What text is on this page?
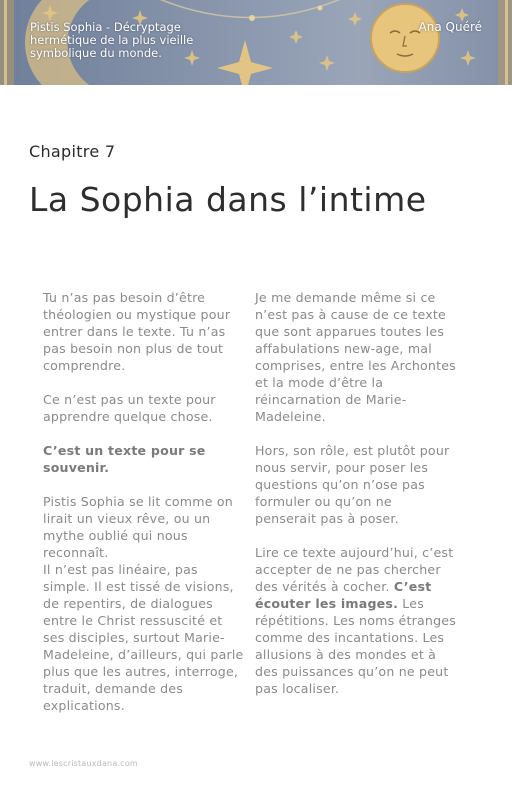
Pistis Sophia - Décryptage hermétique de la plus vieille symbolique du monde.
Ana Quéré
Chapitre 7
La Sophia dans l’intime

Tu n’as pas besoin d’être théologien ou mystique pour entrer dans le texte. Tu n’as pas besoin non plus de tout comprendre.

Ce n’est pas un texte pour apprendre quelque chose.

C’est un texte pour se souvenir.

Pistis Sophia se lit comme on lirait un vieux rêve, ou un mythe oublié qui nous reconnaît.
Il n’est pas linéaire, pas simple. Il est tissé de visions, de repentirs, de dialogues entre le Christ ressuscité et ses disciples, surtout Marie-Madeleine, d’ailleurs, qui parle plus que les autres, interroge, traduit, demande des explications.

Je me demande même si ce n’est pas à cause de ce texte que sont apparues toutes les affabulations new-age, mal comprises, entre les Archontes et la mode d’être la réincarnation de Marie-Madeleine.

Hors, son rôle, est plutôt pour nous servir, pour poser les questions qu’on n’ose pas formuler ou qu’on ne penserait pas à poser.

Lire ce texte aujourd’hui, c’est accepter de ne pas chercher des vérités à cocher. C’est écouter les images. Les répétitions. Les noms étranges comme des incantations. Les allusions à des mondes et à des puissances qu’on ne peut pas localiser.

www.lescristauxdana.com
